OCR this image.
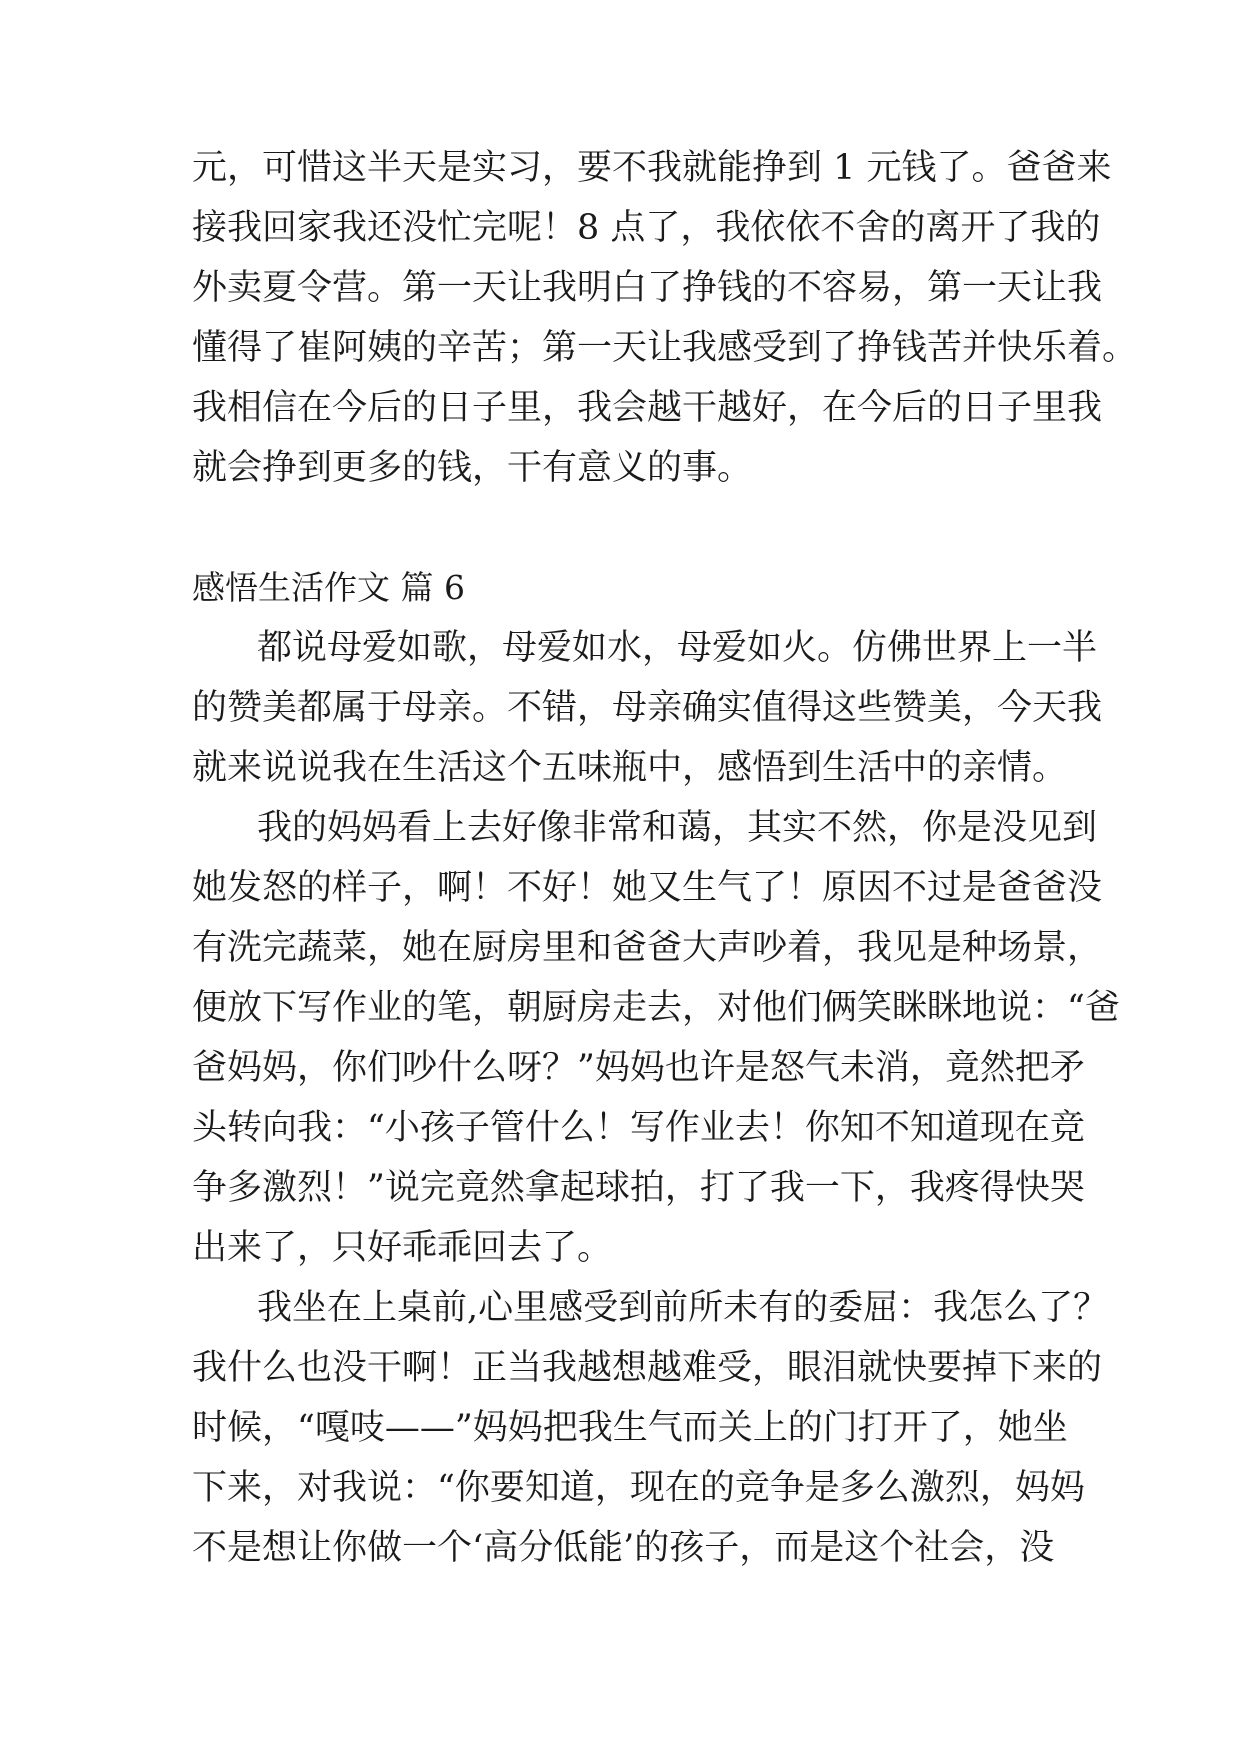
元，可惜这半天是实习，要不我就能挣到 1 元钱了。爸爸来
接我回家我还没忙完呢！8 点了，我依依不舍的离开了我的
外卖夏令营。第一天让我明白了挣钱的不容易，第一天让我
懂得了崔阿姨的辛苦；第一天让我感受到了挣钱苦并快乐着。
我相信在今后的日子里，我会越干越好，在今后的日子里我
就会挣到更多的钱，干有意义的事。
感悟生活作文 篇 6
都说母爱如歌，母爱如水，母爱如火。仿佛世界上一半
的赞美都属于母亲。不错，母亲确实值得这些赞美，今天我
就来说说我在生活这个五味瓶中，感悟到生活中的亲情。
我的妈妈看上去好像非常和蔼，其实不然，你是没见到
她发怒的样子，啊！不好！她又生气了！原因不过是爸爸没
有洗完蔬菜，她在厨房里和爸爸大声吵着，我见是种场景，
便放下写作业的笔，朝厨房走去，对他们俩笑眯眯地说：“爸
爸妈妈，你们吵什么呀？”妈妈也许是怒气未消，竟然把矛
头转向我：“小孩子管什么！写作业去！你知不知道现在竞
争多激烈！”说完竟然拿起球拍，打了我一下，我疼得快哭
出来了，只好乖乖回去了。
我坐在上桌前,心里感受到前所未有的委屈：我怎么了？
我什么也没干啊！正当我越想越难受，眼泪就快要掉下来的
时候，“嘎吱——”妈妈把我生气而关上的门打开了，她坐
下来，对我说：“你要知道，现在的竞争是多么激烈，妈妈
不是想让你做一个‘高分低能’的孩子，而是这个社会，没
